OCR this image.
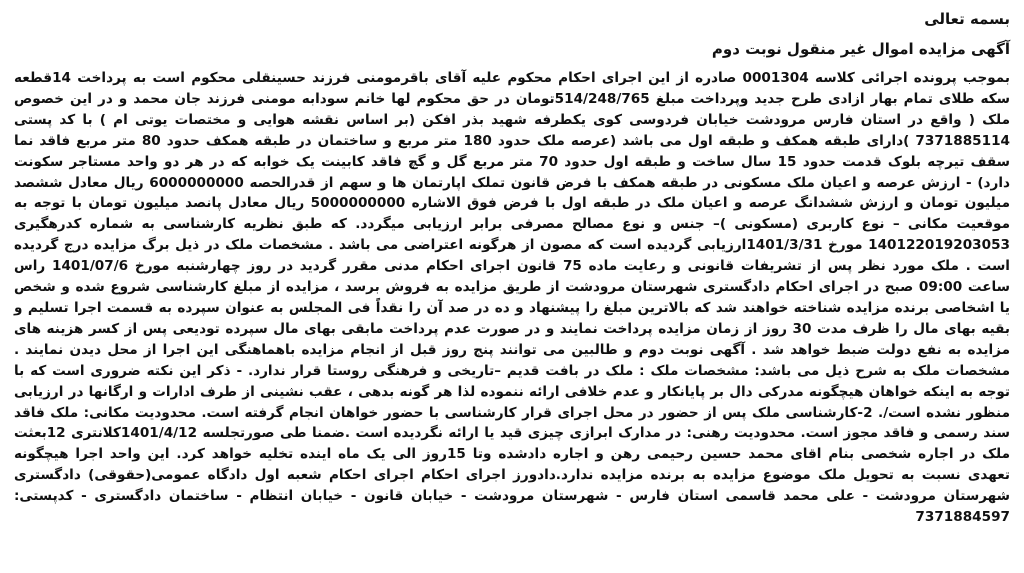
بسمه تعالی
آگهی مزایده اموال غیر منقول نوبت دوم

بموجب پرونده اجرائی کلاسه 0001304 صادره از این اجرای احکام محکوم علیه آقای باقرمومنی فرزند حسینقلی محکوم است به پرداخت 14قطعه سکه طلای تمام بهار ازادی طرح جدید وپرداخت مبلغ 514/248/765تومان در حق محکوم لها خانم سودابه مومنی فرزند جان محمد و در این خصوص ملک ( واقع در استان فارس مرودشت خیابان فردوسی کوی یکطرفه شهید بذر افکن (بر اساس نقشه هوایی و مختصات یوتی ام ) با کد پستی 7371885114 )دارای طبقه همکف و طبقه اول می باشد (عرصه ملک حدود 180 متر مربع و ساختمان در طبقه همکف حدود 80 متر مربع فاقد نما سقف تیرچه بلوک قدمت حدود 15 سال ساخت و طبقه اول حدود 70 متر مربع گل و گچ فاقد کابینت یک خوابه که در هر دو واحد مستاجر سکونت دارد) - ارزش عرصه و اعیان ملک مسکونی در طبقه همکف با فرض قانون تملک اپارتمان ها و سهم از قدرالحصه 6000000000 ریال معادل ششصد میلیون تومان و ارزش ششدانگ عرصه و اعیان ملک در طبقه اول با فرض فوق الاشاره 5000000000 ریال معادل پانصد میلیون تومان با توجه به موقعیت مکانی – نوع کاربری (مسکونی )– جنس و نوع مصالح مصرفی برابر ارزیابی میگردد. که طبق نظریه کارشناسی به شماره کدرهگیری 140122019203053 مورخ 1401/3/31ارزیابی گردیده است که مصون از هرگونه اعتراضی می باشد . مشخصات ملک در ذیل برگ مزایده درج گردیده است . ملک مورد نظر پس از تشریفات قانونی و رعایت ماده 75 قانون اجرای احکام مدنی مقرر گردید در روز چهارشنبه مورخ 1401/07/6 راس ساعت 09:00 صبح در اجرای احکام دادگستری شهرستان مرودشت از طریق مزایده به فروش برسد ، مزایده از مبلغ کارشناسی شروع شده و شخص یا اشخاصی برنده مزایده شناخته خواهند شد که بالاترین مبلغ را پیشنهاد و ده در صد آن را نقداً فی المجلس به عنوان سپرده به قسمت اجرا تسلیم و بقیه بهای مال را ظرف مدت 30 روز از زمان مزایده پرداخت نمایند و در صورت عدم پرداخت مابقی بهای مال سپرده تودیعی پس از کسر هزینه های مزایده به نفع دولت ضبط خواهد شد . آگهی نوبت دوم و طالبین می توانند پنج روز قبل از انجام مزایده باهماهنگی این اجرا از محل دیدن نمایند . مشخصات ملک به شرح ذیل می باشد: مشخصات ملک : ملک در بافت قدیم –تاریخی و فرهنگی روستا قرار ندارد. - ذکر این نکته ضروری است که با توجه به اینکه خواهان هیچگونه مدرکی دال بر پایانکار و عدم خلافی ارائه ننموده لذا هر گونه بدهی ، عقب نشینی از طرف ادارات و ارگانها در ارزیابی منظور نشده است/. 2-کارشناسی ملک پس از حضور در محل اجرای قرار کارشناسی با حضور خواهان انجام گرفته است. محدودیت مکانی: ملک فاقد سند رسمی و فاقد مجوز است. محدودیت رهنی: در مدارک ابرازی چیزی قید یا ارائه نگردیده است .ضمنا طی صورتجلسه 1401/4/12کلانتری 12بعثت ملک در اجاره شخصی بنام اقای محمد حسین رحیمی رهن و اجاره دادشده وتا 15روز الی یک ماه اینده تخلیه خواهد کرد. این واحد اجرا هیچگونه تعهدی نسبت به تحویل ملک موضوع مزایده به برنده مزایده ندارد.دادورز اجرای احکام اجرای احکام شعبه اول دادگاه عمومی(حقوقی) دادگستری شهرستان مرودشت - علی محمد قاسمی استان فارس - شهرستان مرودشت - خیابان قانون - خیابان انتظام - ساختمان دادگستری - کدپستی: 7371884597
